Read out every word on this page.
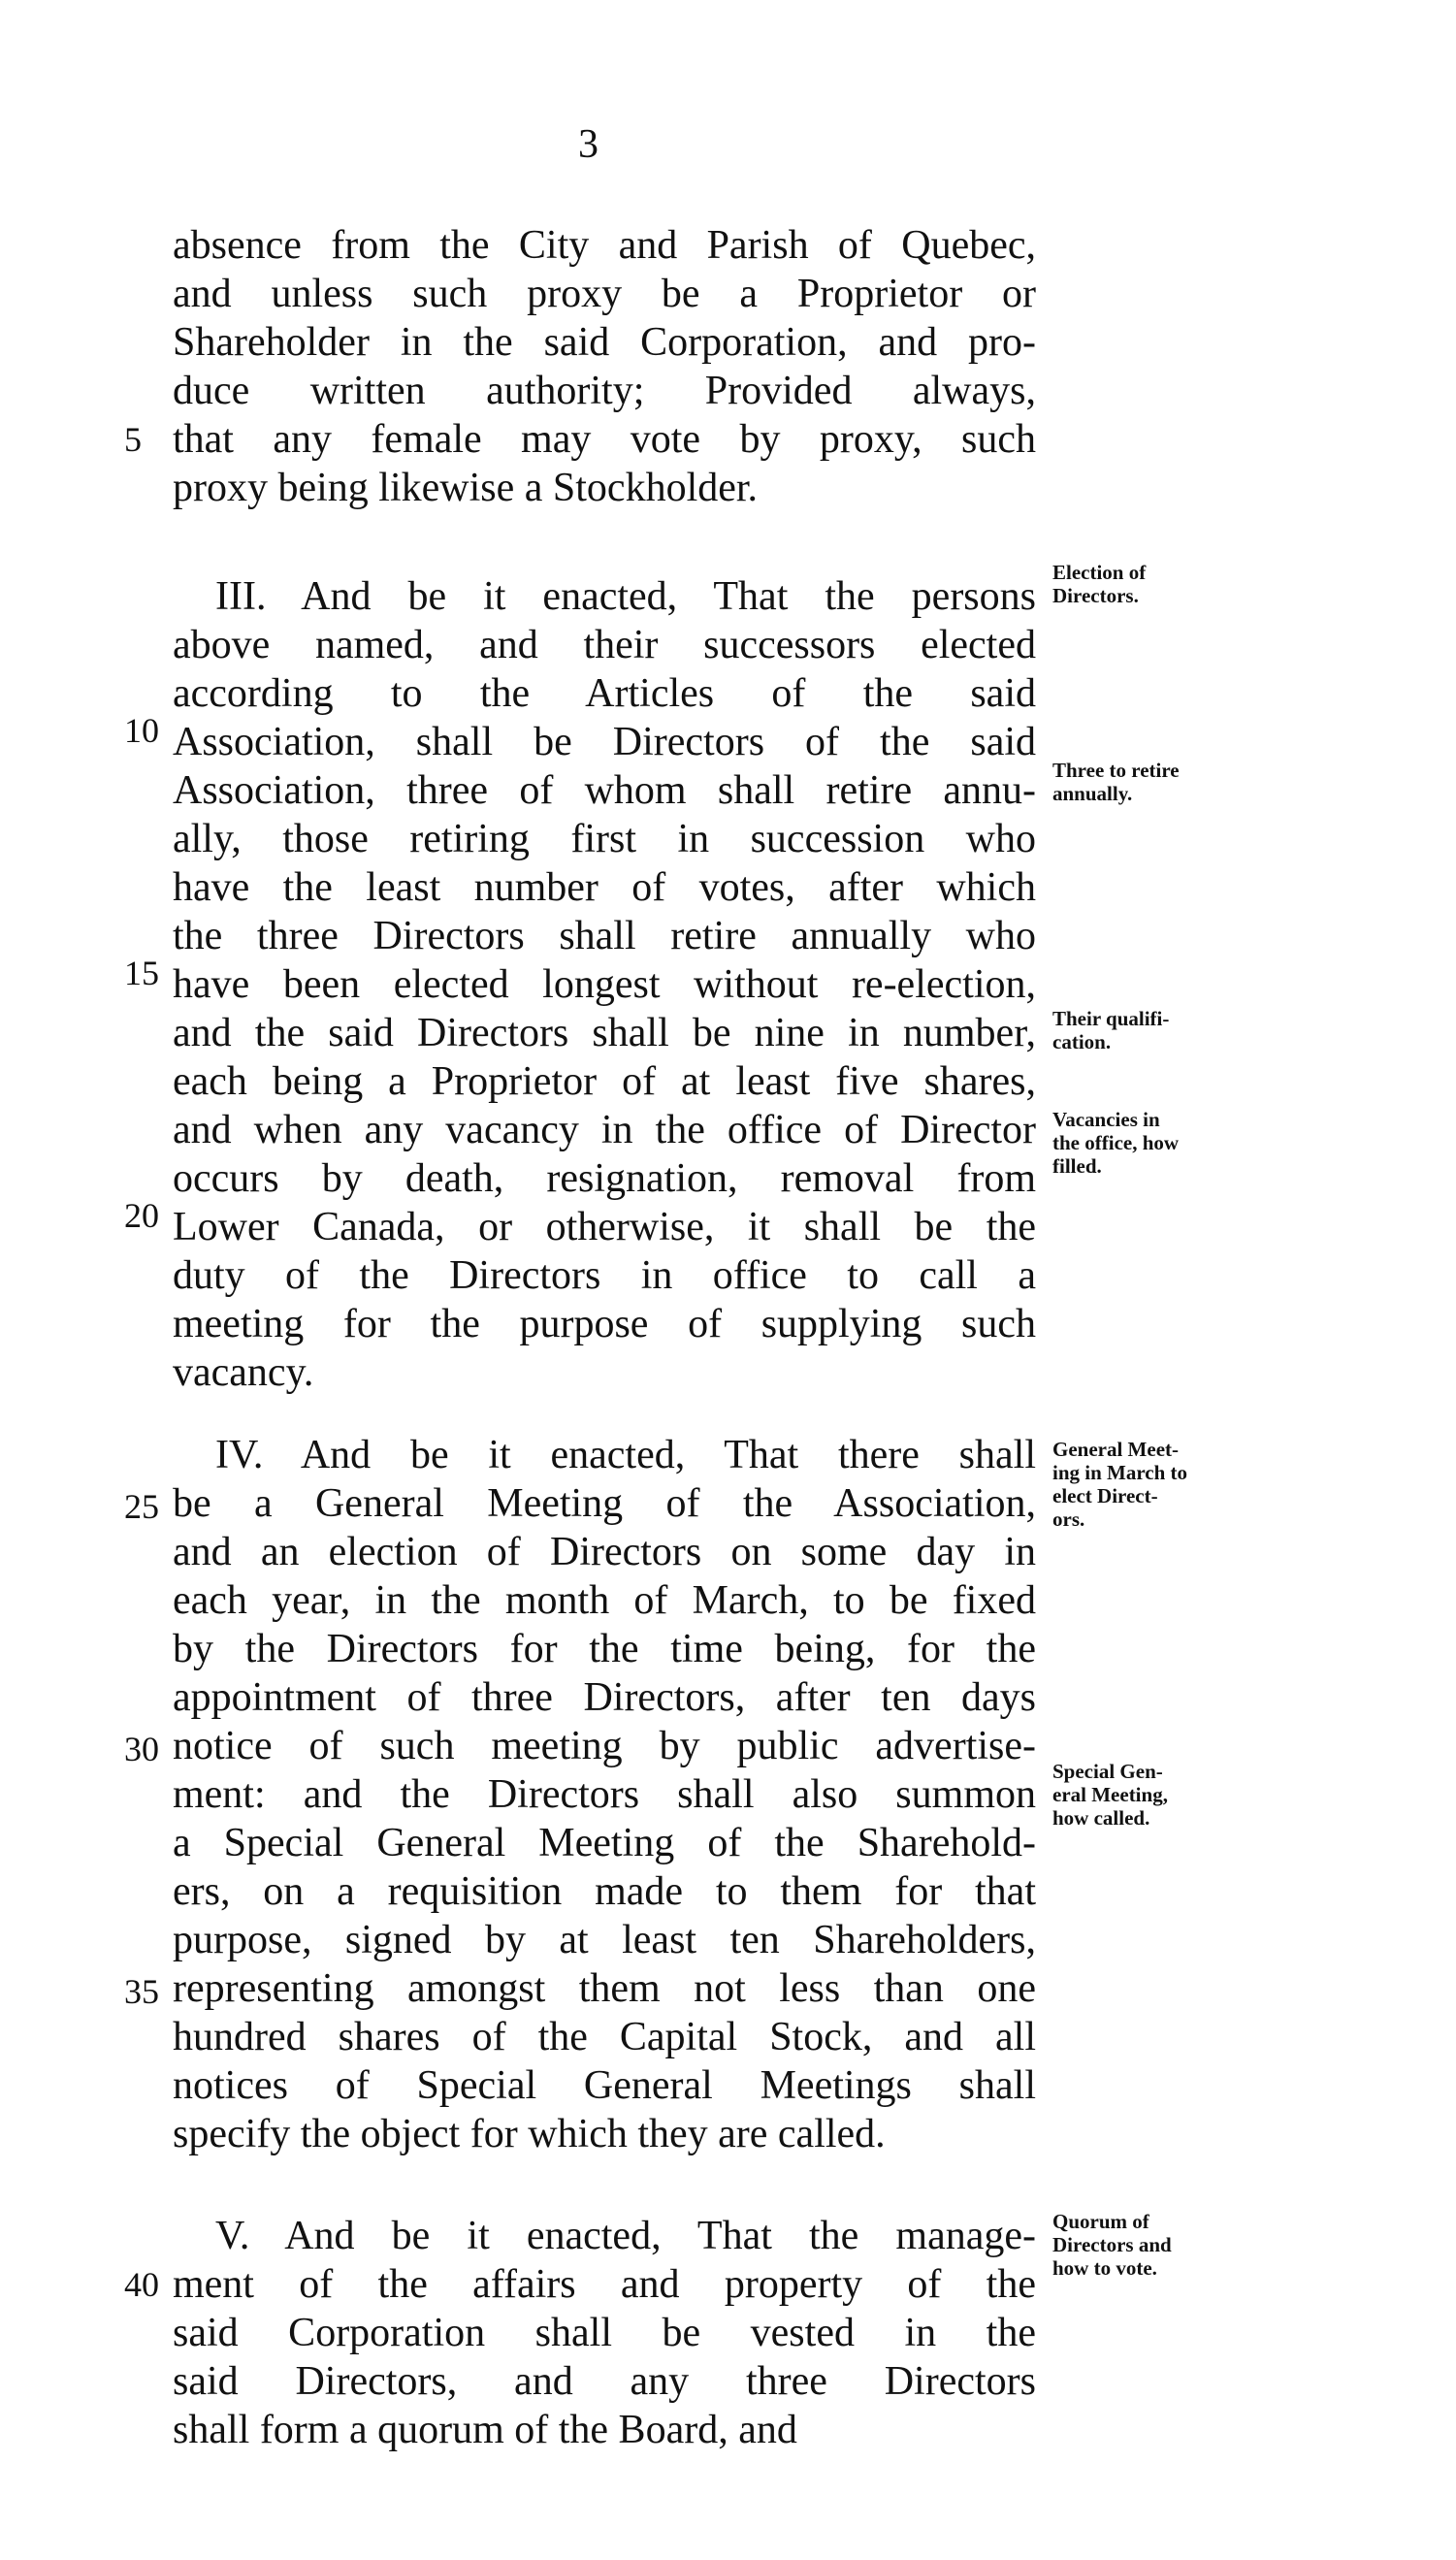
3
absence from the City and Parish of Quebec,
and unless such proxy be a Proprietor or
Shareholder in the said Corporation, and pro-
duce written authority; Provided always,
that any female may vote by proxy, such
proxy being likewise a Stockholder.
III. And be it enacted, That the persons
above named, and their successors elected
according to the Articles of the said
Association, shall be Directors of the said
Association, three of whom shall retire annu-
ally, those retiring first in succession who
have the least number of votes, after which
the three Directors shall retire annually who
have been elected longest without re-election,
and the said Directors shall be nine in number,
each being a Proprietor of at least five shares,
and when any vacancy in the office of Director
occurs by death, resignation, removal from
Lower Canada, or otherwise, it shall be the
duty of the Directors in office to call a
meeting for the purpose of supplying such
vacancy.
IV. And be it enacted, That there shall
be a General Meeting of the Association,
and an election of Directors on some day in
each year, in the month of March, to be fixed
by the Directors for the time being, for the
appointment of three Directors, after ten days
notice of such meeting by public advertise-
ment: and the Directors shall also summon
a Special General Meeting of the Sharehold-
ers, on a requisition made to them for that
purpose, signed by at least ten Shareholders,
representing amongst them not less than one
hundred shares of the Capital Stock, and all
notices of Special General Meetings shall
specify the object for which they are called.
V. And be it enacted, That the manage-
ment of the affairs and property of the
said Corporation shall be vested in the
said Directors, and any three Directors
shall form a quorum of the Board, and
5
10
15
20
25
30
35
40
Election of
Directors.
Three to retire
annually.
Their qualifi-
cation.
Vacancies in
the office, how
filled.
General Meet-
ing in March to
elect Direct-
ors.
Special Gen-
eral Meeting,
how called.
Quorum of
Directors and
how to vote.
